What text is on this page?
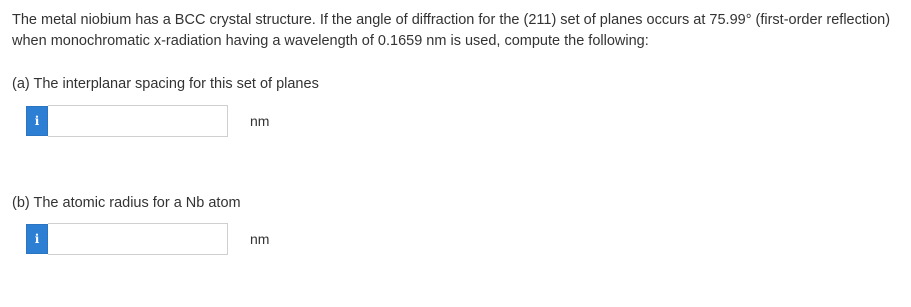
The metal niobium has a BCC crystal structure. If the angle of diffraction for the (211) set of planes occurs at 75.99° (first-order reflection) when monochromatic x-radiation having a wavelength of 0.1659 nm is used, compute the following:
(a) The interplanar spacing for this set of planes
i	nm
(b) The atomic radius for a Nb atom
i	nm
